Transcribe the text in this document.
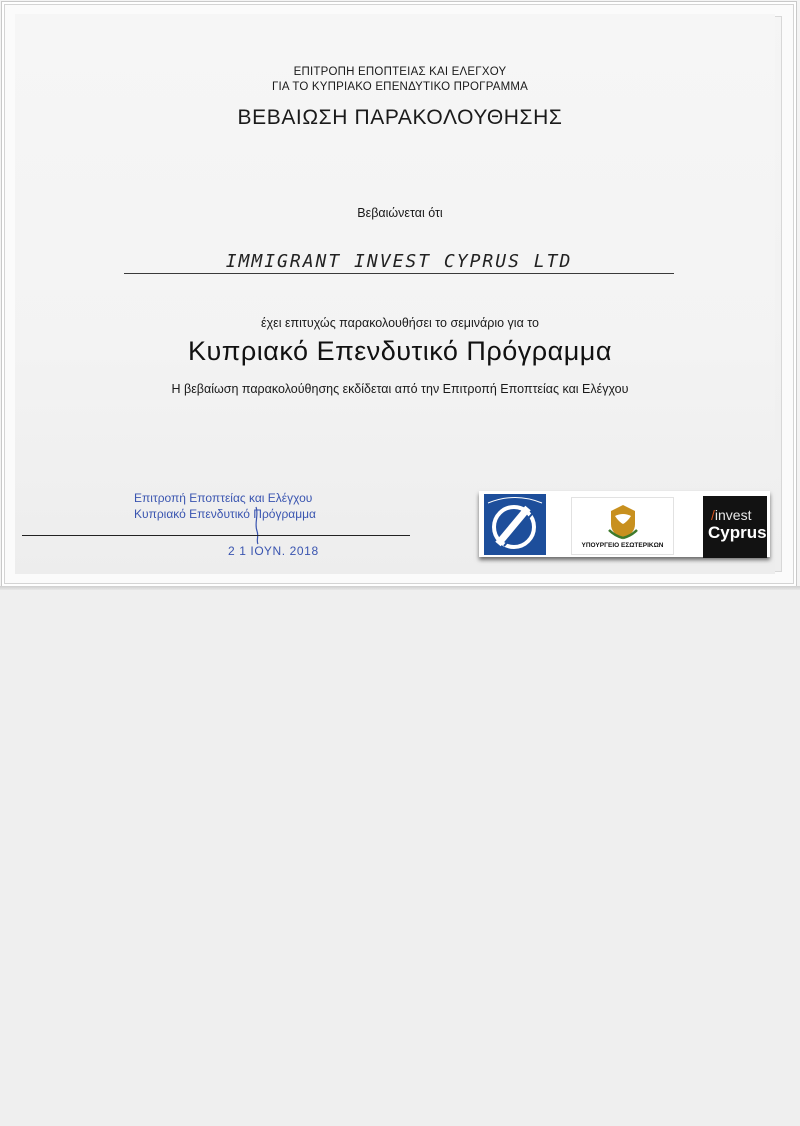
ΕΠΙΤΡΟΠΗ ΕΠΟΠΤΕΙΑΣ ΚΑΙ ΕΛΕΓΧΟΥ
ΓΙΑ ΤΟ ΚΥΠΡΙΑΚΟ ΕΠΕΝΔΥΤΙΚΟ ΠΡΟΓΡΑΜΜΑ
ΒΕΒΑΙΩΣΗ ΠΑΡΑΚΟΛΟΥΘΗΣΗΣ
Βεβαιώνεται ότι
IMMIGRANT INVEST CYPRUS LTD
έχει επιτυχώς παρακολουθήσει το σεμινάριο για το
Κυπριακό Επενδυτικό Πρόγραμμα
Η βεβαίωση παρακολούθησης εκδίδεται από την Επιτροπή Εποπτείας και Ελέγχου
Επιτροπή Εποπτείας και Ελέγχου
Κυπριακό Επενδυτικό Πρόγραμμα
2 1 ΙΟΥΝ. 2018	ΥΠΟΥΡΓΕΙΟ ΕΣΩΤΕΡΙΚΩΝ
/invest
Cyprus
